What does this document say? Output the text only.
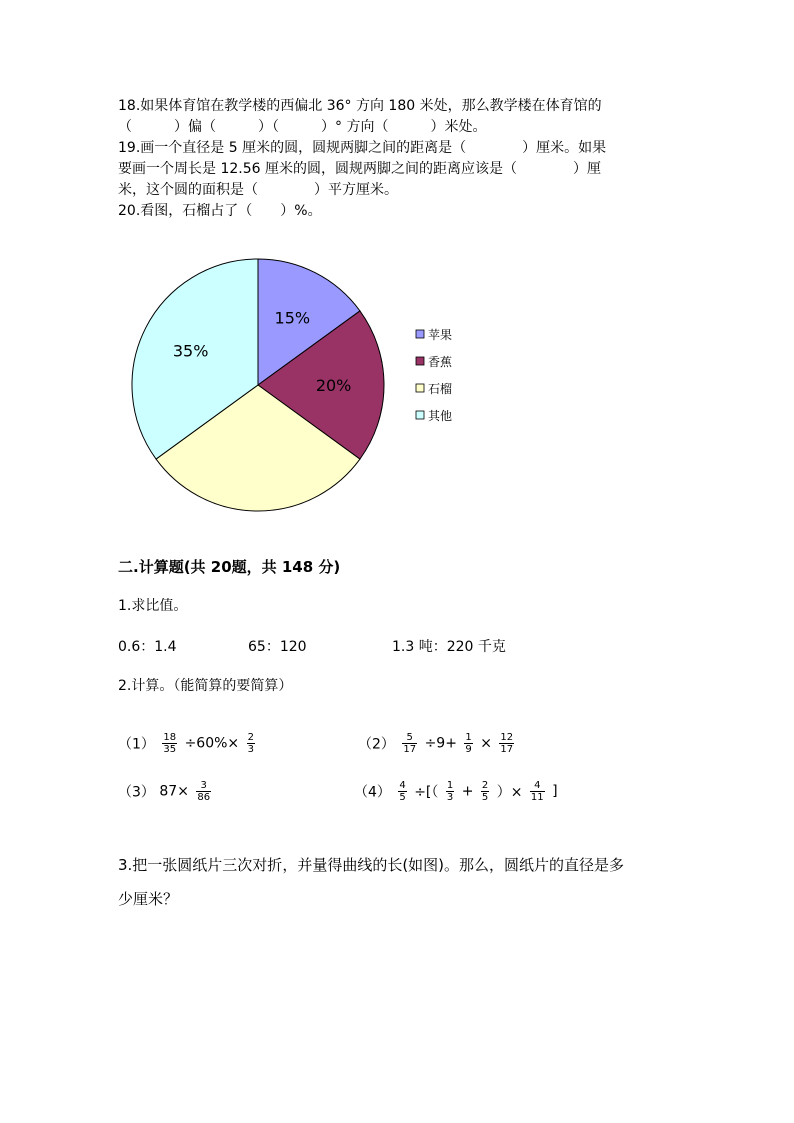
18.如果体育馆在教学楼的西偏北 36° 方向 180 米处，那么教学楼在体育馆的
（　　　）偏（　　　）（　　　）° 方向（　　　）米处。
19.画一个直径是 5 厘米的圆，圆规两脚之间的距离是（　　　　）厘米。如果
要画一个周长是 12.56 厘米的圆，圆规两脚之间的距离应该是（　　　　）厘
米，这个圆的面积是（　　　　）平方厘米。
20.看图，石榴占了（　　）%。
15%
20%
35%
苹果
香蕉
石榴
其他
二.计算题(共 20题，共 148 分)
1.求比值。
0.6：1.4	65：120	1.3 吨：220 千克
2.计算。（能简算的要简算）
$(1) \frac{18}{35} \div 60\%\times \frac{2}{3}$	$(2) \frac{5}{17} \div 9+ \frac{1}{9} \times \frac{12}{17}$
（3） $87\times \frac{3}{86}$	$(4) \frac{4}{5}$ ÷[（ $\frac{1}{3} + \frac{2}{5}$ ）× $\frac{4}{11}$ ]
3.把一张圆纸片三次对折，并量得曲线的长(如图)。那么，圆纸片的直径是多
少厘米？
